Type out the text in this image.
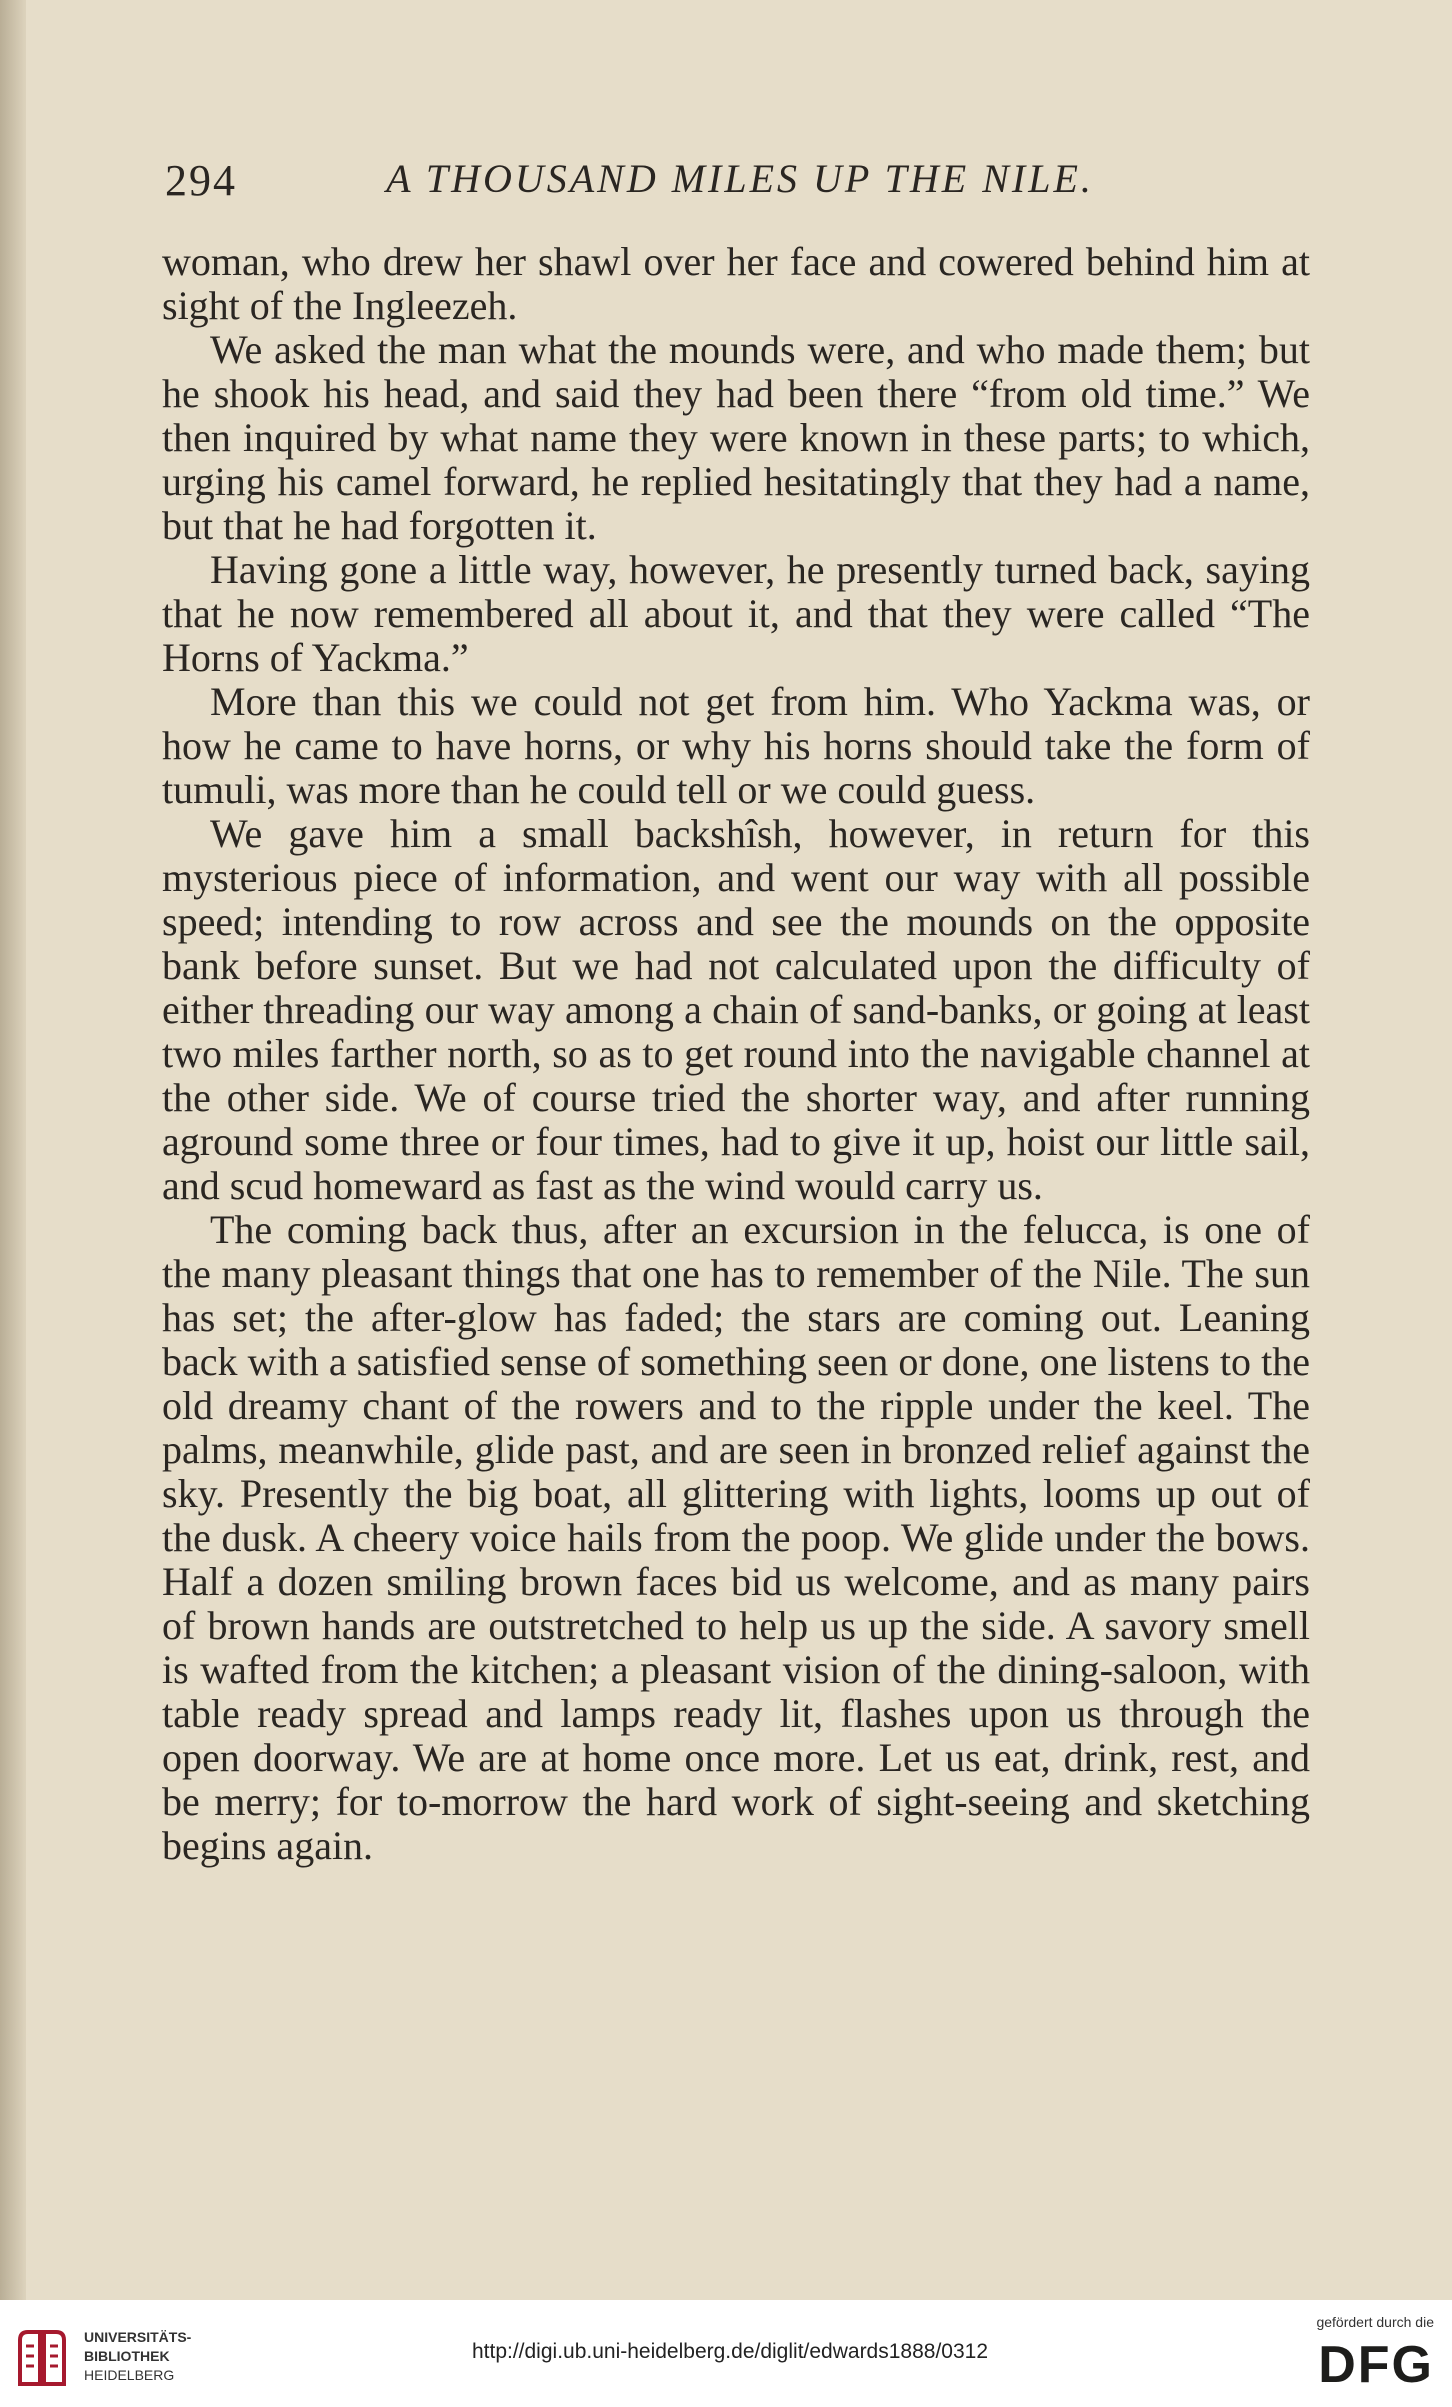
294	A THOUSAND MILES UP THE NILE.

woman, who drew her shawl over her face and cowered behind him at sight of the Ingleezeh.

We asked the man what the mounds were, and who made them; but he shook his head, and said they had been there “from old time.” We then inquired by what name they were known in these parts; to which, urging his camel forward, he replied hesitatingly that they had a name, but that he had forgotten it.

Having gone a little way, however, he presently turned back, saying that he now remembered all about it, and that they were called “The Horns of Yackma.”

More than this we could not get from him. Who Yackma was, or how he came to have horns, or why his horns should take the form of tumuli, was more than he could tell or we could guess.

We gave him a small backshîsh, however, in return for this mysterious piece of information, and went our way with all possible speed; intending to row across and see the mounds on the opposite bank before sunset. But we had not calculated upon the difficulty of either threading our way among a chain of sand-banks, or going at least two miles farther north, so as to get round into the navigable channel at the other side. We of course tried the shorter way, and after running aground some three or four times, had to give it up, hoist our little sail, and scud homeward as fast as the wind would carry us.

The coming back thus, after an excursion in the felucca, is one of the many pleasant things that one has to remember of the Nile. The sun has set; the after-glow has faded; the stars are coming out. Leaning back with a satisfied sense of something seen or done, one listens to the old dreamy chant of the rowers and to the ripple under the keel. The palms, meanwhile, glide past, and are seen in bronzed relief against the sky. Presently the big boat, all glittering with lights, looms up out of the dusk. A cheery voice hails from the poop. We glide under the bows. Half a dozen smiling brown faces bid us welcome, and as many pairs of brown hands are outstretched to help us up the side. A savory smell is wafted from the kitchen; a pleasant vision of the dining-saloon, with table ready spread and lamps ready lit, flashes upon us through the open doorway. We are at home once more. Let us eat, drink, rest, and be merry; for to-morrow the hard work of sight-seeing and sketching begins again.

UNIVERSITÄTS-
BIBLIOTHEK
HEIDELBERG
http://digi.ub.uni-heidelberg.de/diglit/edwards1888/0312
gefördert durch die
DFG
